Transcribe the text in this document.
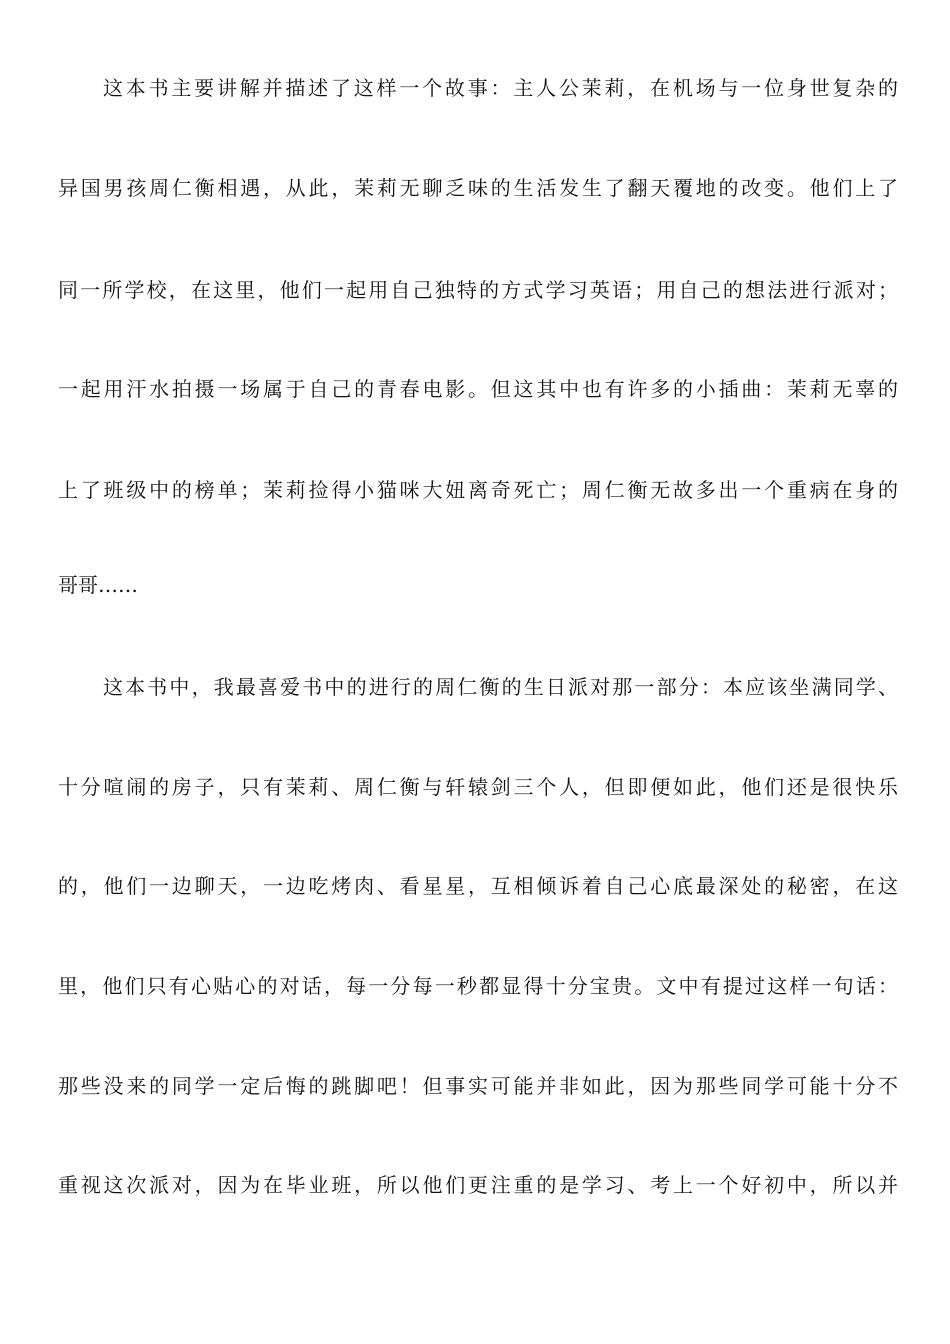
这本书主要讲解并描述了这样一个故事：主人公茉莉，在机场与一位身世复杂的
异国男孩周仁衡相遇，从此，茉莉无聊乏味的生活发生了翻天覆地的改变。他们上了
同一所学校，在这里，他们一起用自己独特的方式学习英语；用自己的想法进行派对；
一起用汗水拍摄一场属于自己的青春电影。但这其中也有许多的小插曲：茉莉无辜的
上了班级中的榜单；茉莉捡得小猫咪大妞离奇死亡；周仁衡无故多出一个重病在身的
哥哥……
这本书中，我最喜爱书中的进行的周仁衡的生日派对那一部分：本应该坐满同学、
十分喧闹的房子，只有茉莉、周仁衡与轩辕剑三个人，但即便如此，他们还是很快乐
的，他们一边聊天，一边吃烤肉、看星星，互相倾诉着自己心底最深处的秘密，在这
里，他们只有心贴心的对话，每一分每一秒都显得十分宝贵。文中有提过这样一句话：
那些没来的同学一定后悔的跳脚吧！但事实可能并非如此，因为那些同学可能十分不
重视这次派对，因为在毕业班，所以他们更注重的是学习、考上一个好初中，所以并
